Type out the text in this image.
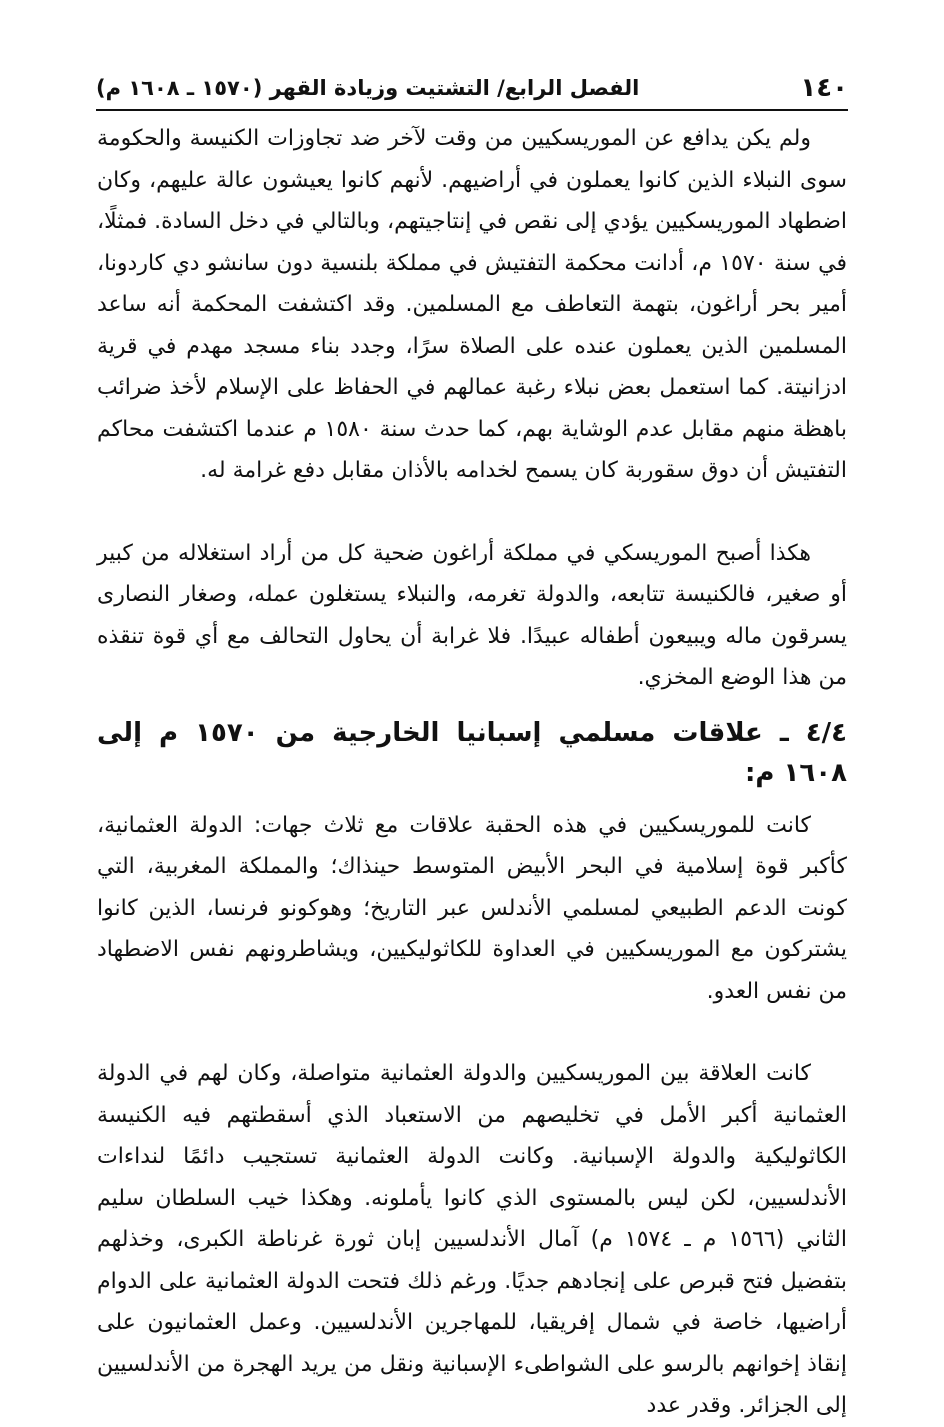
١٤٠
الفصل الرابع/ التشتيت وزيادة القهر (١٥٧٠ ـ ١٦٠٨ م)

ولم يكن يدافع عن الموريسكيين من وقت لآخر ضد تجاوزات الكنيسة والحكومة سوى النبلاء الذين كانوا يعملون في أراضيهم. لأنهم كانوا يعيشون عالة عليهم، وكان اضطهاد الموريسكيين يؤدي إلى نقص في إنتاجيتهم، وبالتالي في دخل السادة. فمثلًا، في سنة ١٥٧٠ م، أدانت محكمة التفتيش في مملكة بلنسية دون سانشو دي كاردونا، أمير بحر أراغون، بتهمة التعاطف مع المسلمين. وقد اكتشفت المحكمة أنه ساعد المسلمين الذين يعملون عنده على الصلاة سرًا، وجدد بناء مسجد مهدم في قرية ادزانيتة. كما استعمل بعض نبلاء رغبة عمالهم في الحفاظ على الإسلام لأخذ ضرائب باهظة منهم مقابل عدم الوشاية بهم، كما حدث سنة ١٥٨٠ م عندما اكتشفت محاكم التفتيش أن دوق سقوربة كان يسمح لخدامه بالأذان مقابل دفع غرامة له.

هكذا أصبح الموريسكي في مملكة أراغون ضحية كل من أراد استغلاله من كبير أو صغير، فالكنيسة تتابعه، والدولة تغرمه، والنبلاء يستغلون عمله، وصغار النصارى يسرقون ماله ويبيعون أطفاله عبيدًا. فلا غرابة أن يحاول التحالف مع أي قوة تنقذه من هذا الوضع المخزي.

٤/٤ ـ علاقات مسلمي إسبانيا الخارجية من ١٥٧٠ م إلى ١٦٠٨ م:

كانت للموريسكيين في هذه الحقبة علاقات مع ثلاث جهات: الدولة العثمانية، كأكبر قوة إسلامية في البحر الأبيض المتوسط حينذاك؛ والمملكة المغربية، التي كونت الدعم الطبيعي لمسلمي الأندلس عبر التاريخ؛ وهوكونو فرنسا، الذين كانوا يشتركون مع الموريسكيين في العداوة للكاثوليكيين، ويشاطرونهم نفس الاضطهاد من نفس العدو.

كانت العلاقة بين الموريسكيين والدولة العثمانية متواصلة، وكان لهم في الدولة العثمانية أكبر الأمل في تخليصهم من الاستعباد الذي أسقطتهم فيه الكنيسة الكاثوليكية والدولة الإسبانية. وكانت الدولة العثمانية تستجيب دائمًا لنداءات الأندلسيين، لكن ليس بالمستوى الذي كانوا يأملونه. وهكذا خيب السلطان سليم الثاني (١٥٦٦ م ـ ١٥٧٤ م) آمال الأندلسيين إبان ثورة غرناطة الكبرى، وخذلهم بتفضيل فتح قبرص على إنجادهم جديًا. ورغم ذلك فتحت الدولة العثمانية على الدوام أراضيها، خاصة في شمال إفريقيا، للمهاجرين الأندلسيين. وعمل العثمانيون على إنقاذ إخوانهم بالرسو على الشواطىء الإسبانية ونقل من يريد الهجرة من الأندلسيين إلى الجزائر. وقدر عدد
